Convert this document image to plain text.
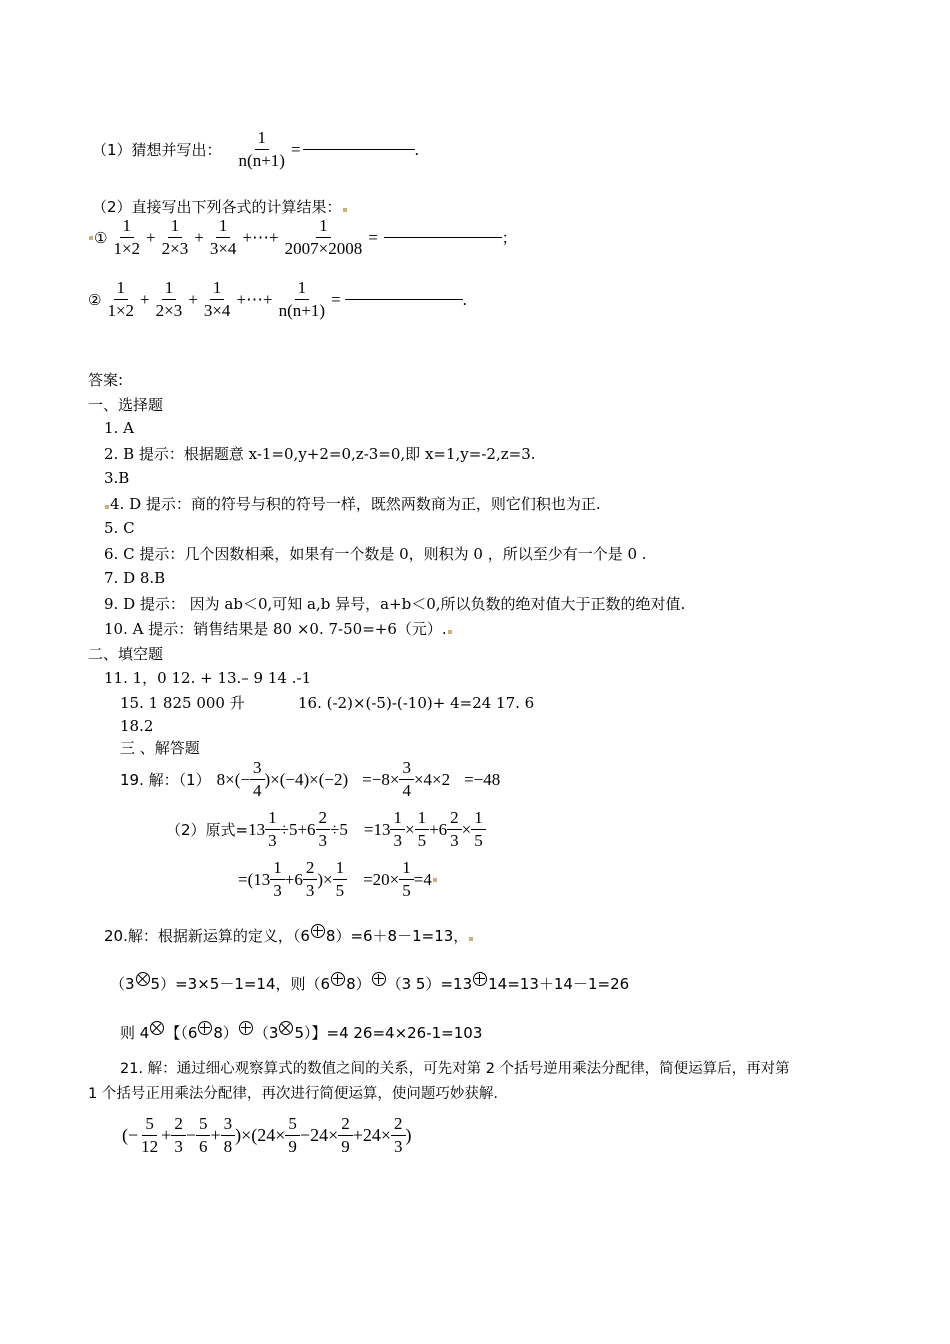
（1）猜想并写出： $\frac{1}{n(n+1)}$ =	.
（2）直接写出下列各式的计算结果：
① $\frac{1}{1\times 2} + \frac{1}{2\times 3} + \frac{1}{3\times 4}$ +⋯+ $\frac{1}{2007\times 2008}$ =	；
② $\frac{1}{1\times 2} + \frac{1}{2\times 3} + \frac{1}{3\times 4}$ +⋯+ $\frac{1}{n(n+1)}$ =	.
答案:
一、选择题
1. A
2. B 提示：根据题意 x-1=0,y+2=0,z-3=0,即 x=1,y=-2,z=3.
3.B
4. D 提示：商的符号与积的符号一样，既然两数商为正，则它们积也为正.
5. C
6. C 提示：几个因数相乘，如果有一个数是 0，则积为 0 ，所以至少有一个是 0 .
7. D 8.B
9. D 提示： 因为 ab＜0,可知 a,b 异号，a+b＜0,所以负数的绝对值大于正数的绝对值.
10. A 提示：销售结果是 80 ×0. 7-50=+6（元）.
二、填空题
11. 1，0 12. + 13.– 9 14 .-1
15. 1 825 000 升	16. (-2)×(-5)-(-10)+ 4=24 17. 6
18.2
三 、解答题
19. 解：（1） $8\times(- \frac{3}{4} )\times(-4)\times(-2) =-8\times \frac{3}{4} \times 4\times 2 =-48$
（2）原式= $13 \frac{1}{3} \div 5+ 6 \frac{2}{3} \div 5 =13 \frac{1}{3} \times \frac{1}{5} +6 \frac{2}{3} \times \frac{1}{5}$
$=(13 \frac{1}{3} +6 \frac{2}{3}$ )× $\frac{1}{5} =20\times \frac{1}{5} =4$
20.解：根据新运算的定义，（6 8）=6＋8－1=13，
（3 5）=3×5－1=14，则（6 8） （3 5）=13 14=13＋14－1=26
则 4 【（6 8） （3 5）】=4 26=4×26-1=103
21. 解：通过细心观察算式的数值之间的关系，可先对第 2 个括号逆用乘法分配律，简便运算后，再对第
1 个括号正用乘法分配律，再次进行简便运算，使问题巧妙获解.
(− $\frac{5}{12} + \frac{2}{3} - \frac{5}{6} + \frac{3}{8} )\times(24\times \frac{5}{9} -24\times \frac{2}{9} +24\times \frac{2}{3}$ )
